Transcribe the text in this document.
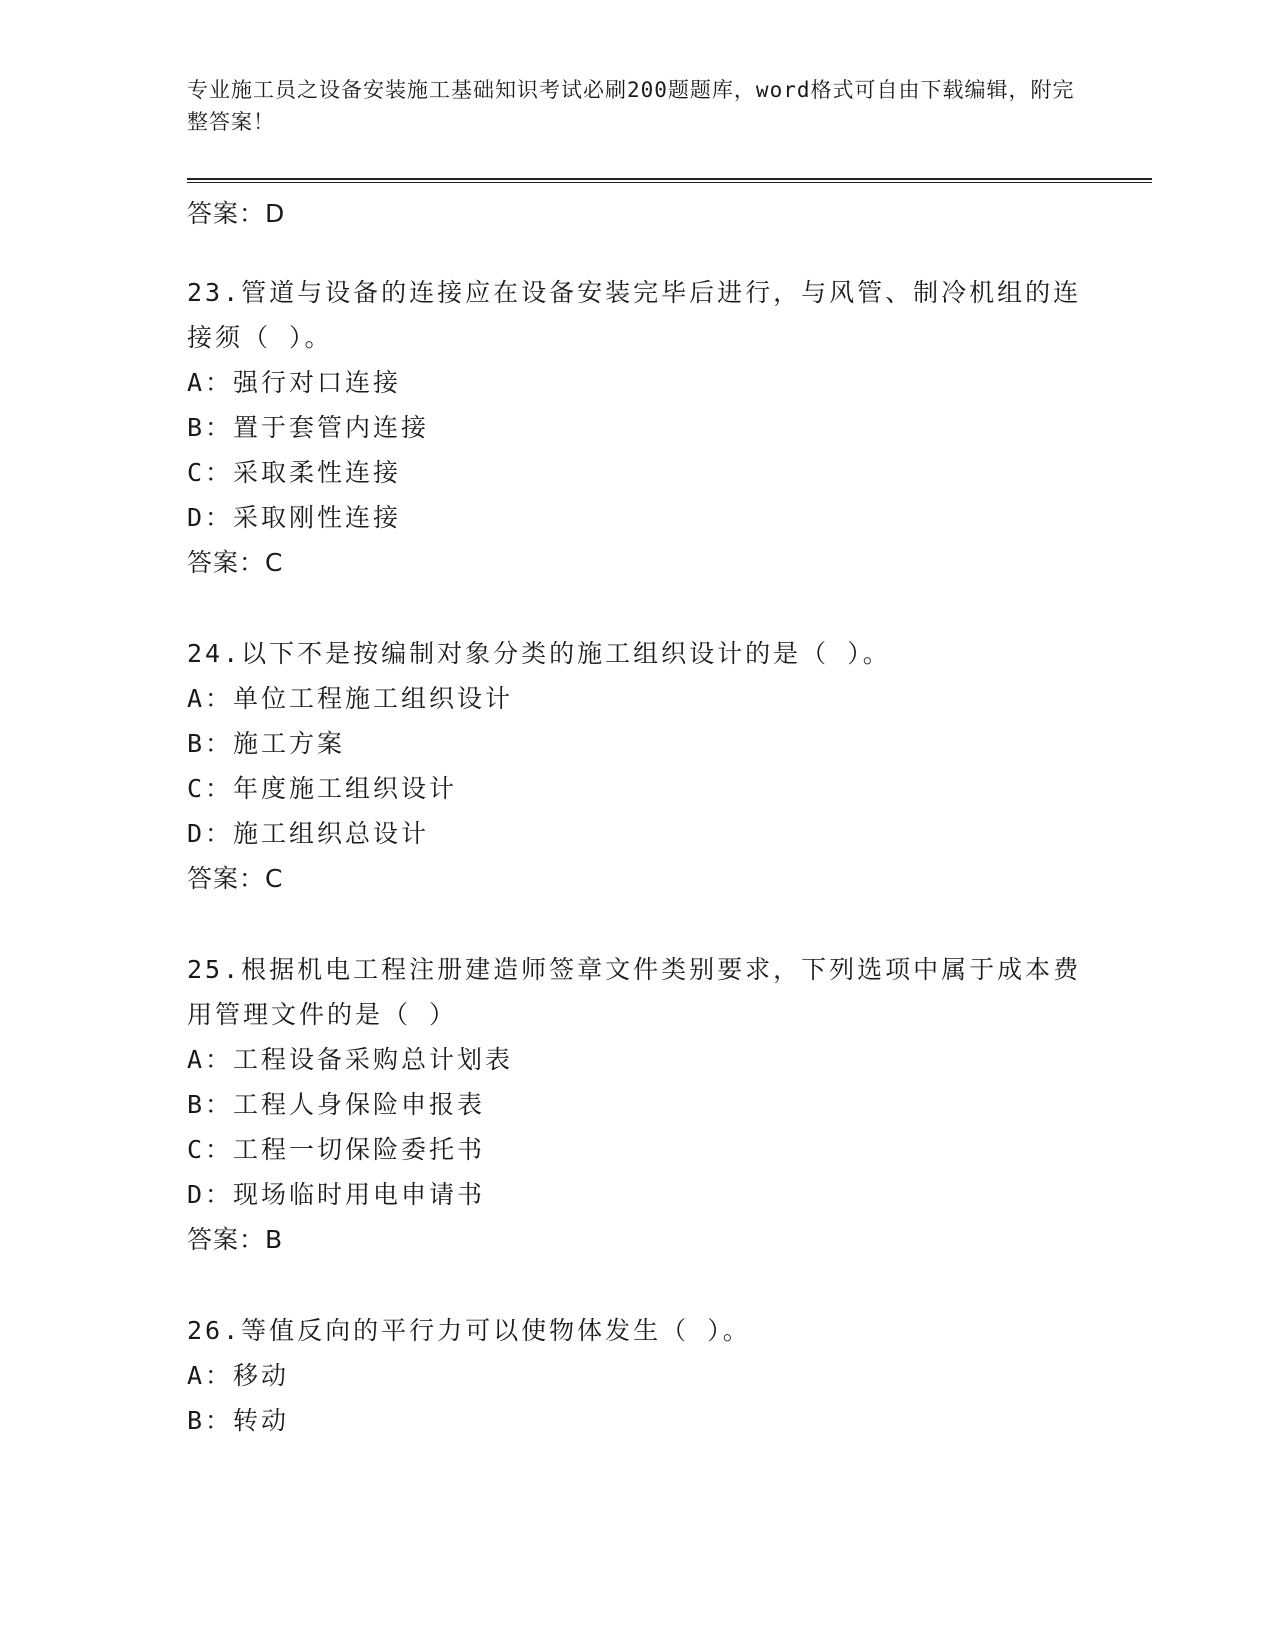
专业施工员之设备安装施工基础知识考试必刷200题题库，word格式可自由下载编辑，附完整答案！
答案：D
23.管道与设备的连接应在设备安装完毕后进行，与风管、制冷机组的连接须（ ）。
A：强行对口连接
B：置于套管内连接
C：采取柔性连接
D：采取刚性连接
答案：C
24.以下不是按编制对象分类的施工组织设计的是（ ）。
A：单位工程施工组织设计
B：施工方案
C：年度施工组织设计
D：施工组织总设计
答案：C
25.根据机电工程注册建造师签章文件类别要求，下列选项中属于成本费用管理文件的是（ ）
A：工程设备采购总计划表
B：工程人身保险申报表
C：工程一切保险委托书
D：现场临时用电申请书
答案：B
26.等值反向的平行力可以使物体发生（ ）。
A：移动
B：转动
